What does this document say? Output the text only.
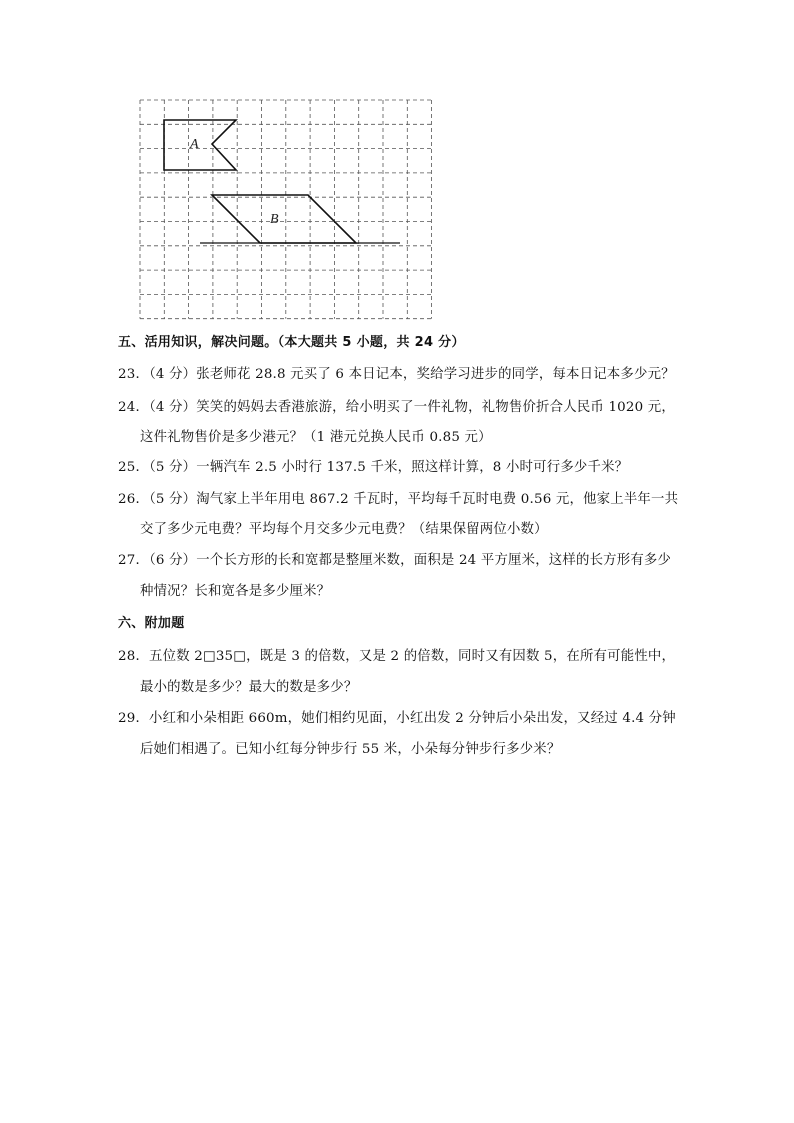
A
B
五、活用知识，解决问题。（本大题共 5 小题，共 24 分）
23．（4 分）张老师花 28.8 元买了 6 本日记本，奖给学习进步的同学，每本日记本多少元？
24．（4 分）笑笑的妈妈去香港旅游，给小明买了一件礼物，礼物售价折合人民币 1020 元，
这件礼物售价是多少港元？（1 港元兑换人民币 0.85 元）
25．（5 分）一辆汽车 2.5 小时行 137.5 千米，照这样计算，8 小时可行多少千米？
26．（5 分）淘气家上半年用电 867.2 千瓦时，平均每千瓦时电费 0.56 元，他家上半年一共
交了多少元电费？平均每个月交多少元电费？（结果保留两位小数）
27．（6 分）一个长方形的长和宽都是整厘米数，面积是 24 平方厘米，这样的长方形有多少
种情况？长和宽各是多少厘米？
六、附加题
28．五位数 2□35□，既是 3 的倍数，又是 2 的倍数，同时又有因数 5，在所有可能性中，
最小的数是多少？最大的数是多少？
29．小红和小朵相距 660m，她们相约见面，小红出发 2 分钟后小朵出发，又经过 4.4 分钟
后她们相遇了。已知小红每分钟步行 55 米，小朵每分钟步行多少米？
